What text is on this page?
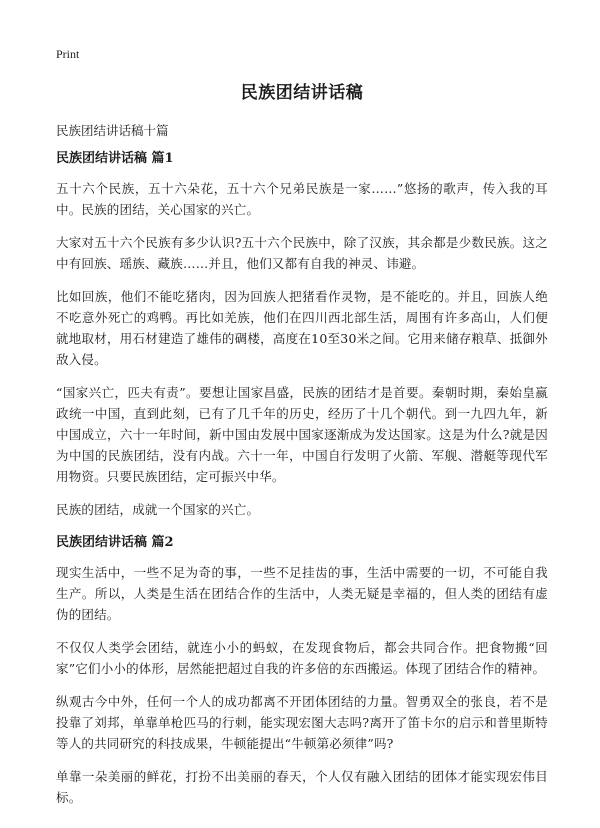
Print
民族团结讲话稿

民族团结讲话稿十篇

民族团结讲话稿 篇1

五十六个民族，五十六朵花，五十六个兄弟民族是一家……”悠扬的歌声，传入我的耳中。民族的团结，关心国家的兴亡。

大家对五十六个民族有多少认识?五十六个民族中，除了汉族，其余都是少数民族。这之中有回族、瑶族、藏族……并且，他们又都有自我的神灵、讳避。

比如回族，他们不能吃猪肉，因为回族人把猪看作灵物，是不能吃的。并且，回族人绝不吃意外死亡的鸡鸭。再比如羌族，他们在四川西北部生活，周围有许多高山，人们便就地取材，用石材建造了雄伟的碉楼，高度在10至30米之间。它用来储存粮草、抵御外敌入侵。

“国家兴亡，匹夫有责”。要想让国家昌盛，民族的团结才是首要。秦朝时期，秦始皇嬴政统一中国，直到此刻，已有了几千年的历史，经历了十几个朝代。到一九四九年，新中国成立，六十一年时间，新中国由发展中国家逐渐成为发达国家。这是为什么?就是因为中国的民族团结，没有内战。六十一年，中国自行发明了火箭、军舰、潜艇等现代军用物资。只要民族团结，定可振兴中华。

民族的团结，成就一个国家的兴亡。

民族团结讲话稿 篇2

现实生活中，一些不足为奇的事，一些不足挂齿的事，生活中需要的一切，不可能自我生产。所以，人类是生活在团结合作的生活中，人类无疑是幸福的，但人类的团结有虚伪的团结。

不仅仅人类学会团结，就连小小的蚂蚁，在发现食物后，都会共同合作。把食物搬“回家”它们小小的体形，居然能把超过自我的许多倍的东西搬运。体现了团结合作的精神。

纵观古今中外，任何一个人的成功都离不开团体团结的力量。智勇双全的张良，若不是投靠了刘邦，单靠单枪匹马的行刺，能实现宏图大志吗?离开了笛卡尔的启示和普里斯特等人的共同研究的科技成果，牛顿能提出“牛顿第必须律”吗?

单靠一朵美丽的鲜花，打扮不出美丽的春天，个人仅有融入团结的团体才能实现宏伟目标。
